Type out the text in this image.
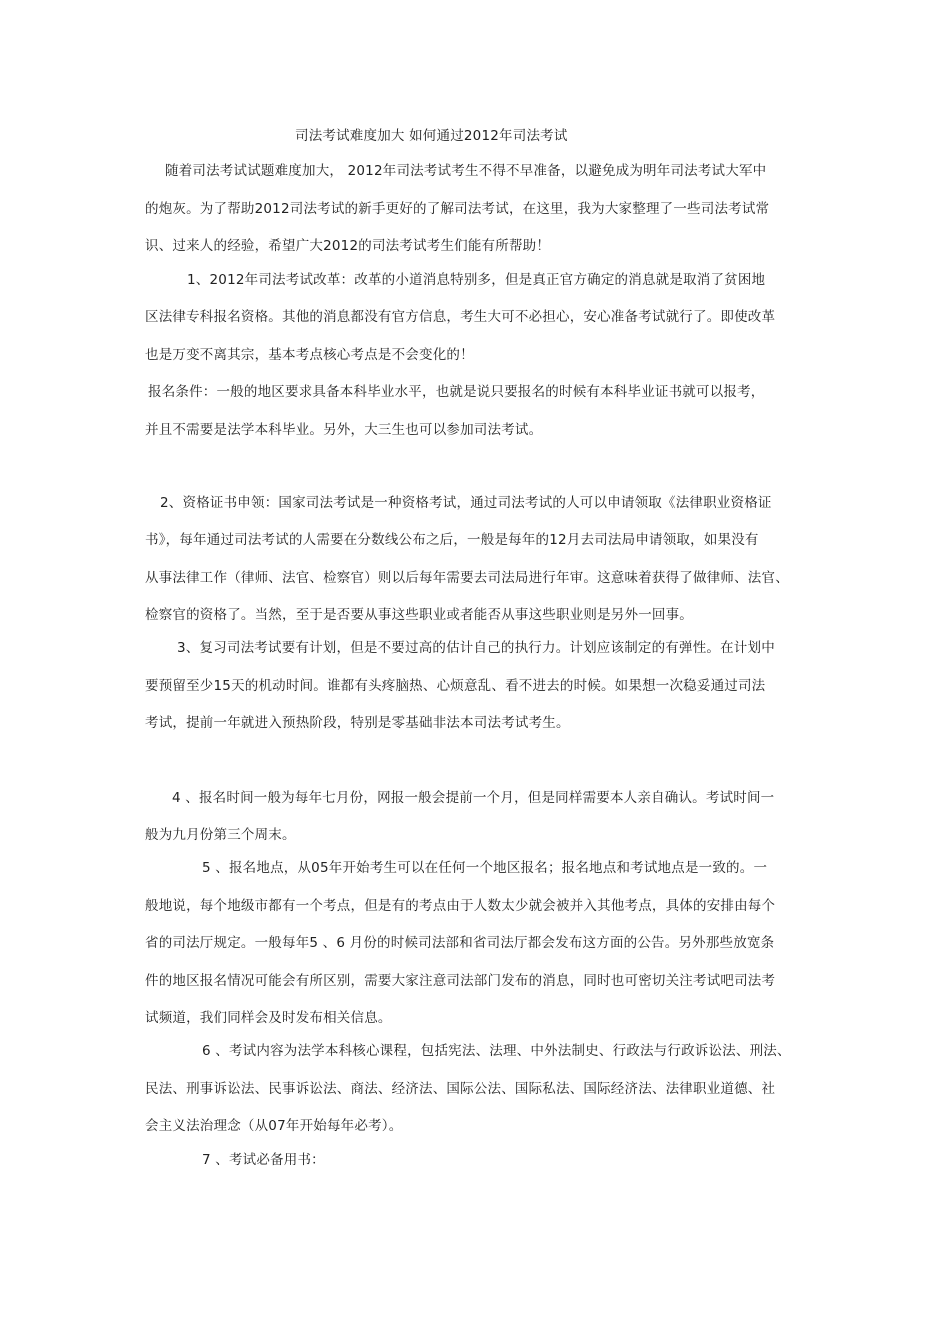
司法考试难度加大 如何通过2012年司法考试
随着司法考试试题难度加大， 2012年司法考试考生不得不早准备，以避免成为明年司法考试大军中
的炮灰。为了帮助2012司法考试的新手更好的了解司法考试，在这里，我为大家整理了一些司法考试常
识、过来人的经验，希望广大2012的司法考试考生们能有所帮助！
1、2012年司法考试改革：改革的小道消息特别多，但是真正官方确定的消息就是取消了贫困地
区法律专科报名资格。其他的消息都没有官方信息，考生大可不必担心，安心准备考试就行了。即使改革
也是万变不离其宗，基本考点核心考点是不会变化的！
报名条件：一般的地区要求具备本科毕业水平，也就是说只要报名的时候有本科毕业证书就可以报考，
并且不需要是法学本科毕业。另外，大三生也可以参加司法考试。
2、资格证书申领：国家司法考试是一种资格考试，通过司法考试的人可以申请领取《法律职业资格证
书》，每年通过司法考试的人需要在分数线公布之后，一般是每年的12月去司法局申请领取，如果没有
从事法律工作（律师、法官、检察官）则以后每年需要去司法局进行年审。这意味着获得了做律师、法官、
检察官的资格了。当然，至于是否要从事这些职业或者能否从事这些职业则是另外一回事。
3、复习司法考试要有计划，但是不要过高的估计自己的执行力。计划应该制定的有弹性。在计划中
要预留至少15天的机动时间。谁都有头疼脑热、心烦意乱、看不进去的时候。如果想一次稳妥通过司法
考试，提前一年就进入预热阶段，特别是零基础非法本司法考试考生。
4 、报名时间一般为每年七月份，网报一般会提前一个月，但是同样需要本人亲自确认。考试时间一
般为九月份第三个周末。
5 、报名地点，从05年开始考生可以在任何一个地区报名；报名地点和考试地点是一致的。一
般地说，每个地级市都有一个考点，但是有的考点由于人数太少就会被并入其他考点，具体的安排由每个
省的司法厅规定。一般每年5 、6 月份的时候司法部和省司法厅都会发布这方面的公告。另外那些放宽条
件的地区报名情况可能会有所区别，需要大家注意司法部门发布的消息，同时也可密切关注考试吧司法考
试频道，我们同样会及时发布相关信息。
6 、考试内容为法学本科核心课程，包括宪法、法理、中外法制史、行政法与行政诉讼法、刑法、
民法、刑事诉讼法、民事诉讼法、商法、经济法、国际公法、国际私法、国际经济法、法律职业道德、社
会主义法治理念（从07年开始每年必考）。
7 、考试必备用书：
